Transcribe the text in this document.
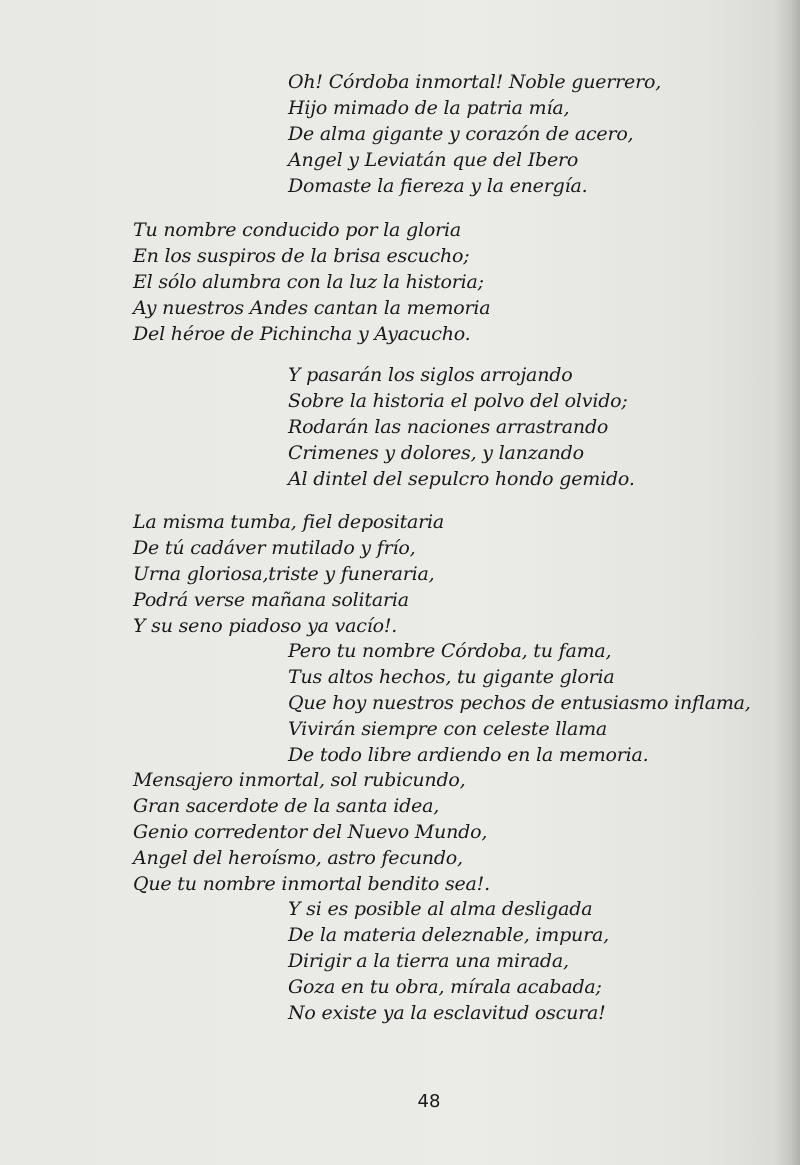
Oh! Córdoba inmortal! Noble guerrero,
Hijo mimado de la patria mía,
De alma gigante y corazón de acero,
Angel y Leviatán que del Ibero
Domaste la fiereza y la energía.
Tu nombre conducido por la gloria
En los suspiros de la brisa escucho;
El sólo alumbra con la luz la historia;
Ay nuestros Andes cantan la memoria
Del héroe de Pichincha y Ayacucho.
Y pasarán los siglos arrojando
Sobre la historia el polvo del olvido;
Rodarán las naciones arrastrando
Crimenes y dolores, y lanzando
Al dintel del sepulcro hondo gemido.
La misma tumba, fiel depositaria
De tú cadáver mutilado y frío,
Urna gloriosa,triste y funeraria,
Podrá verse mañana solitaria
Y su seno piadoso ya vacío!.
Pero tu nombre Córdoba, tu fama,
Tus altos hechos, tu gigante gloria
Que hoy nuestros pechos de entusiasmo inflama,
Vivirán siempre con celeste llama
De todo libre ardiendo en la memoria.
Mensajero inmortal, sol rubicundo,
Gran sacerdote de la santa idea,
Genio corredentor del Nuevo Mundo,
Angel del heroísmo, astro fecundo,
Que tu nombre inmortal bendito sea!.
Y si es posible al alma desligada
De la materia deleznable, impura,
Dirigir a la tierra una mirada,
Goza en tu obra, mírala acabada;
No existe ya la esclavitud oscura!
48
